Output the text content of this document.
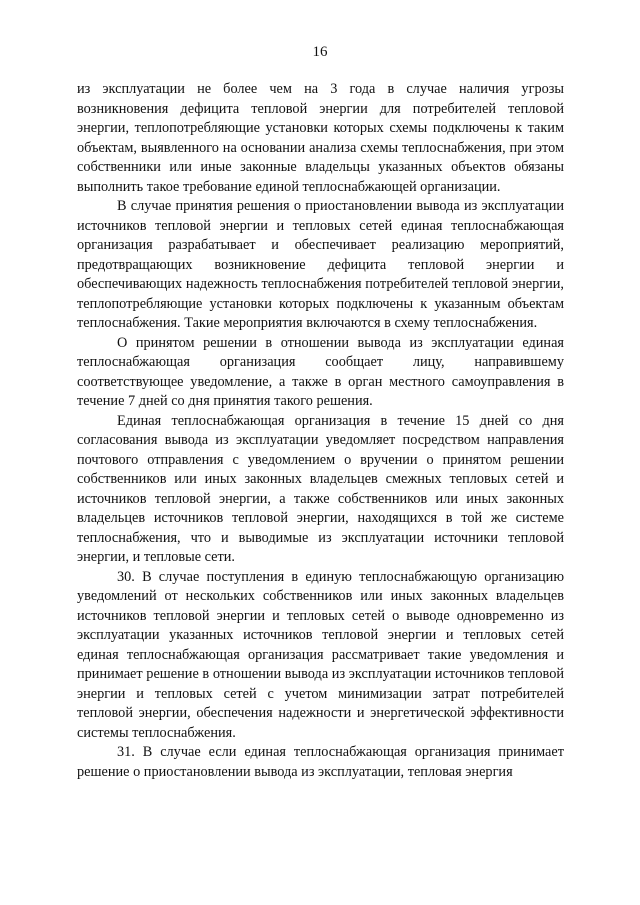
16

из эксплуатации не более чем на 3 года в случае наличия угрозы возникновения дефицита тепловой энергии для потребителей тепловой энергии, теплопотребляющие установки которых схемы подключены к таким объектам, выявленного на основании анализа схемы теплоснабжения, при этом собственники или иные законные владельцы указанных объектов обязаны выполнить такое требование единой теплоснабжающей организации.

В случае принятия решения о приостановлении вывода из эксплуатации источников тепловой энергии и тепловых сетей единая теплоснабжающая организация разрабатывает и обеспечивает реализацию мероприятий, предотвращающих возникновение дефицита тепловой энергии и обеспечивающих надежность теплоснабжения потребителей тепловой энергии, теплопотребляющие установки которых подключены к указанным объектам теплоснабжения. Такие мероприятия включаются в схему теплоснабжения.

О принятом решении в отношении вывода из эксплуатации единая теплоснабжающая организация сообщает лицу, направившему соответствующее уведомление, а также в орган местного самоуправления в течение 7 дней со дня принятия такого решения.

Единая теплоснабжающая организация в течение 15 дней со дня согласования вывода из эксплуатации уведомляет посредством направления почтового отправления с уведомлением о вручении о принятом решении собственников или иных законных владельцев смежных тепловых сетей и источников тепловой энергии, а также собственников или иных законных владельцев источников тепловой энергии, находящихся в той же системе теплоснабжения, что и выводимые из эксплуатации источники тепловой энергии, и тепловые сети.

30. В случае поступления в единую теплоснабжающую организацию уведомлений от нескольких собственников или иных законных владельцев источников тепловой энергии и тепловых сетей о выводе одновременно из эксплуатации указанных источников тепловой энергии и тепловых сетей единая теплоснабжающая организация рассматривает такие уведомления и принимает решение в отношении вывода из эксплуатации источников тепловой энергии и тепловых сетей с учетом минимизации затрат потребителей тепловой энергии, обеспечения надежности и энергетической эффективности системы теплоснабжения.

31. В случае если единая теплоснабжающая организация принимает решение о приостановлении вывода из эксплуатации, тепловая энергия
